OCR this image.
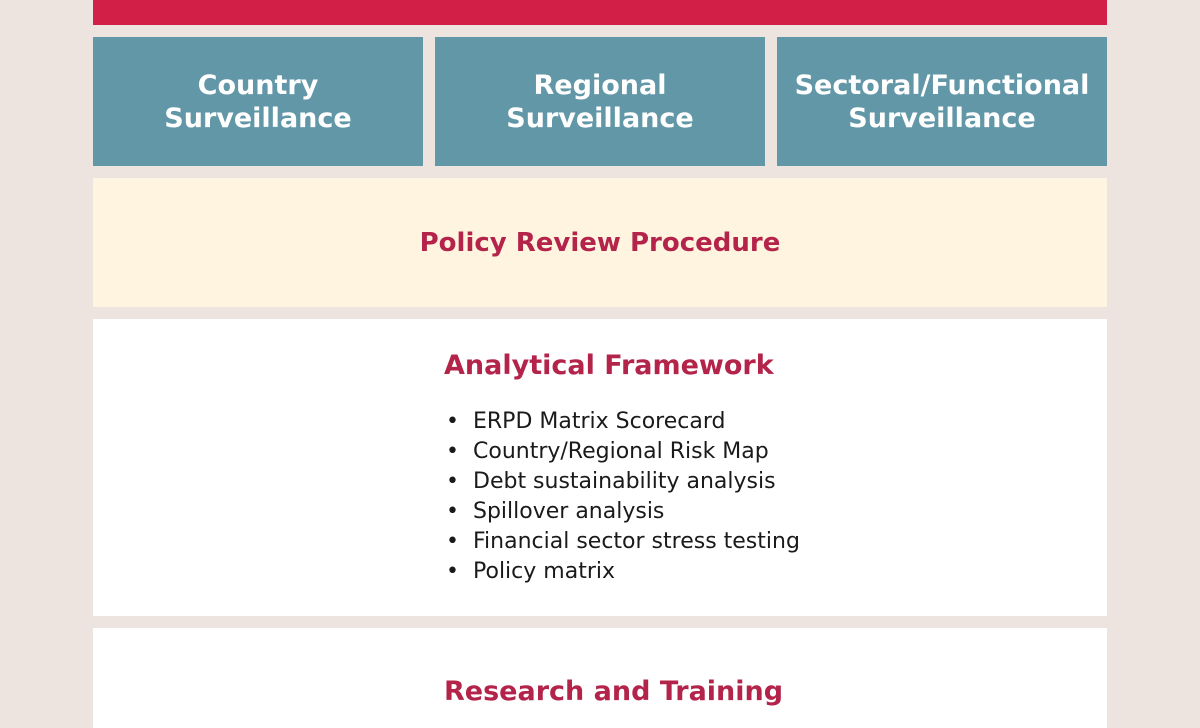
Country
Surveillance
Regional
Surveillance
Sectoral/Functional
Surveillance
Policy Review Procedure
Analytical Framework
• ERPD Matrix Scorecard
• Country/Regional Risk Map
• Debt sustainability analysis
• Spillover analysis
• Financial sector stress testing
• Policy matrix
Research and Training
